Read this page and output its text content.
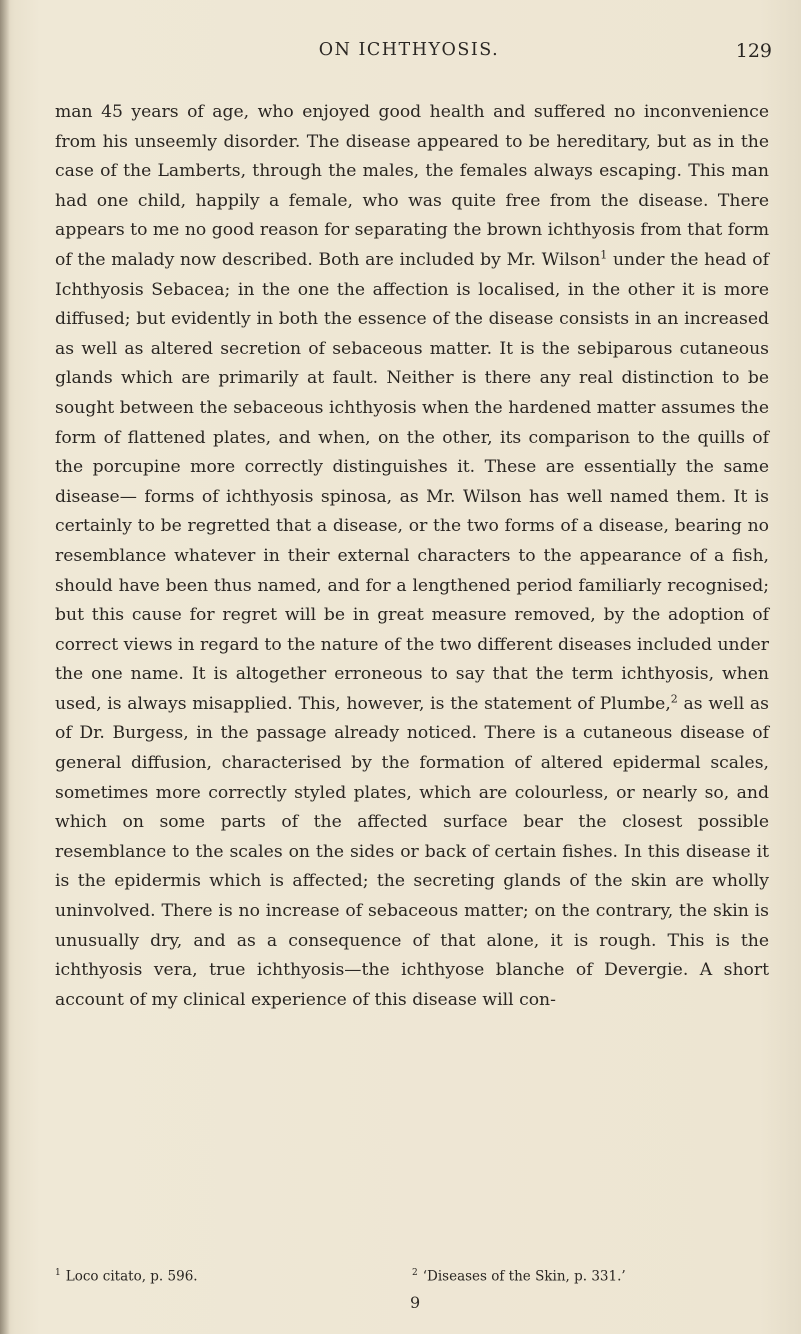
ON ICHTHYOSIS.	129
man 45 years of age, who enjoyed good health and suffered no inconvenience from his unseemly disorder. The disease appeared to be hereditary, but as in the case of the Lamberts, through the males, the females always escaping. This man had one child, happily a female, who was quite free from the disease. There appears to me no good reason for separating the brown ichthyosis from that form of the malady now described. Both are included by Mr. Wilson$^1$ under the head of Ichthyosis Sebacea; in the one the affection is localised, in the other it is more diffused; but evidently in both the essence of the disease consists in an increased as well as altered secretion of sebaceous matter. It is the sebiparous cutaneous glands which are primarily at fault. Neither is there any real distinction to be sought between the sebaceous ichthyosis when the hardened matter assumes the form of flattened plates, and when, on the other, its comparison to the quills of the porcupine more correctly distinguishes it. These are essentially the same disease— forms of ichthyosis spinosa, as Mr. Wilson has well named them. It is certainly to be regretted that a disease, or the two forms of a disease, bearing no resemblance whatever in their external characters to the appearance of a fish, should have been thus named, and for a lengthened period familiarly recognised; but this cause for regret will be in great measure removed, by the adoption of correct views in regard to the nature of the two different diseases included under the one name. It is altogether erroneous to say that the term ichthyosis, when used, is always misapplied. This, however, is the statement of Plumbe,$^2$ as well as of Dr. Burgess, in the passage already noticed. There is a cutaneous disease of general diffusion, characterised by the formation of altered epidermal scales, sometimes more correctly styled plates, which are colourless, or nearly so, and which on some parts of the affected surface bear the closest possible resemblance to the scales on the sides or back of certain fishes. In this disease it is the epidermis which is affected; the secreting glands of the skin are wholly uninvolved. There is no increase of sebaceous matter; on the contrary, the skin is unusually dry, and as a consequence of that alone, it is rough. This is the ichthyosis vera, true ichthyosis—the ichthyose blanche of Devergie. A short account of my clinical experience of this disease will con-
$^1$ Loco citato, p. 596.	$^2$ ‘Diseases of the Skin, p. 331.’
9
